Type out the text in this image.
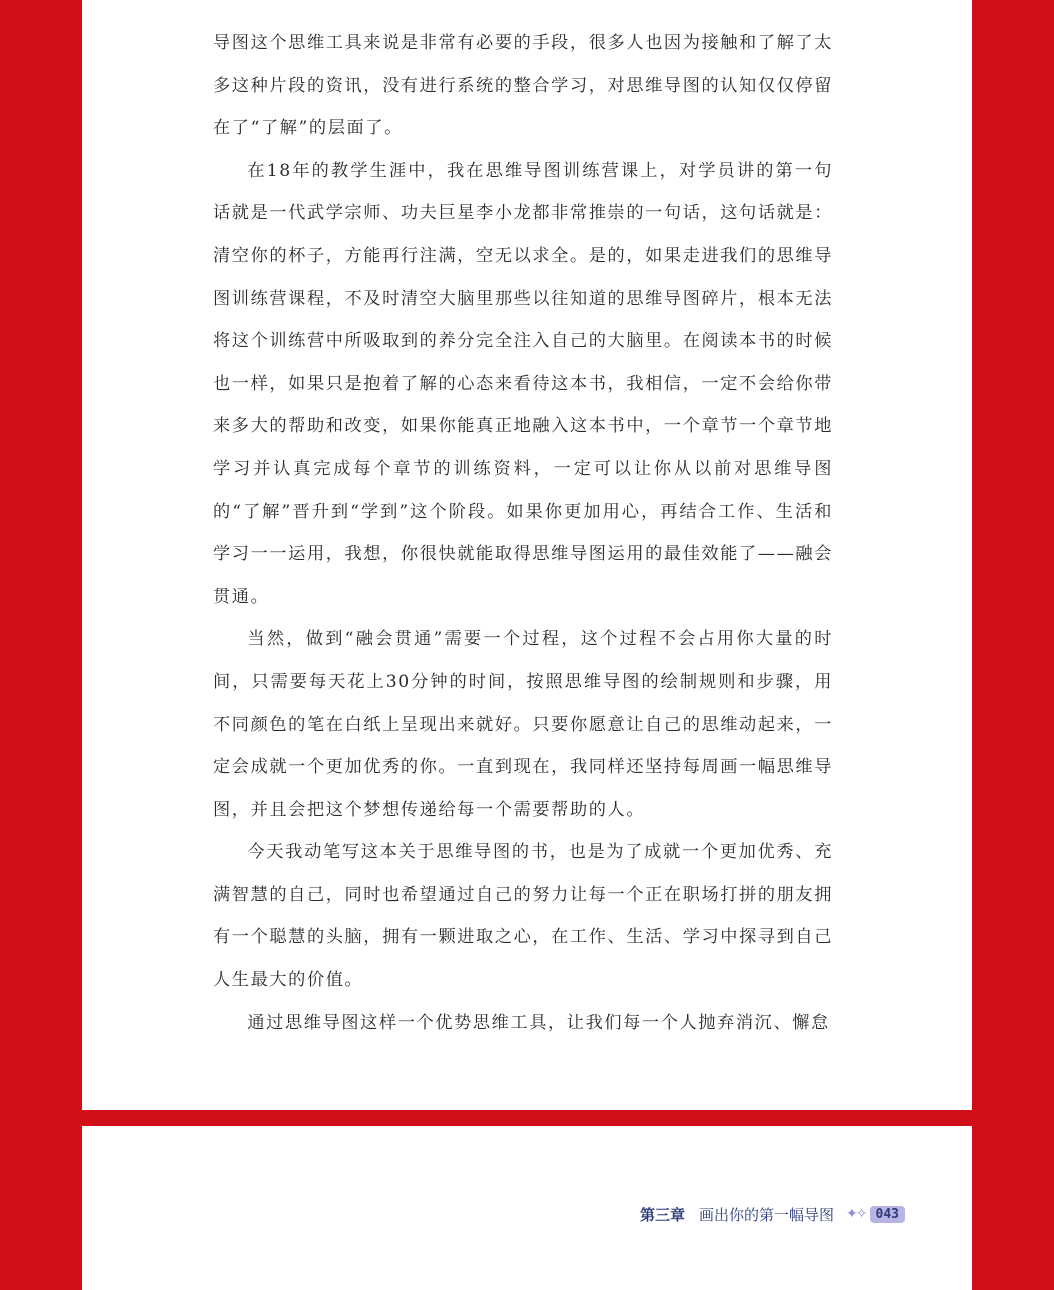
导图这个思维工具来说是非常有必要的手段，很多人也因为接触和了解了太多这种片段的资讯，没有进行系统的整合学习，对思维导图的认知仅仅停留在了“了解”的层面了。

在18年的教学生涯中，我在思维导图训练营课上，对学员讲的第一句话就是一代武学宗师、功夫巨星李小龙都非常推崇的一句话，这句话就是：清空你的杯子，方能再行注满，空无以求全。是的，如果走进我们的思维导图训练营课程，不及时清空大脑里那些以往知道的思维导图碎片，根本无法将这个训练营中所吸取到的养分完全注入自己的大脑里。在阅读本书的时候也一样，如果只是抱着了解的心态来看待这本书，我相信，一定不会给你带来多大的帮助和改变，如果你能真正地融入这本书中，一个章节一个章节地学习并认真完成每个章节的训练资料，一定可以让你从以前对思维导图的“了解”晋升到“学到”这个阶段。如果你更加用心，再结合工作、生活和学习一一运用，我想，你很快就能取得思维导图运用的最佳效能了——融会贯通。

当然，做到“融会贯通”需要一个过程，这个过程不会占用你大量的时间，只需要每天花上30分钟的时间，按照思维导图的绘制规则和步骤，用不同颜色的笔在白纸上呈现出来就好。只要你愿意让自己的思维动起来，一定会成就一个更加优秀的你。一直到现在，我同样还坚持每周画一幅思维导图，并且会把这个梦想传递给每一个需要帮助的人。

今天我动笔写这本关于思维导图的书，也是为了成就一个更加优秀、充满智慧的自己，同时也希望通过自己的努力让每一个正在职场打拼的朋友拥有一个聪慧的头脑，拥有一颗进取之心，在工作、生活、学习中探寻到自己人生最大的价值。

通过思维导图这样一个优势思维工具，让我们每一个人抛弃消沉、懈怠

第三章 画出你的第一幅导图 ✦✧ 043
